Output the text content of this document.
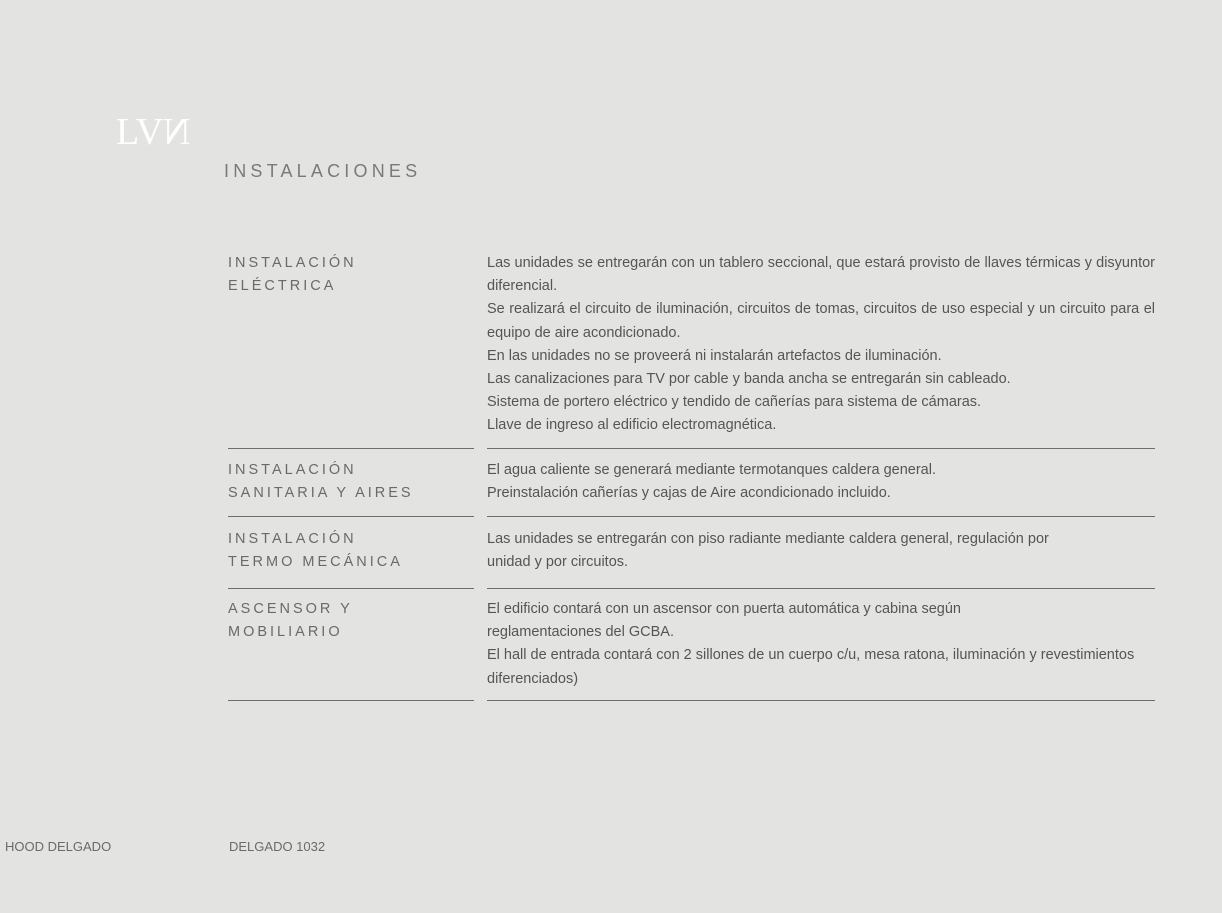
LVN
INSTALACIONES
INSTALACIÓN
ELÉCTRICA

Las unidades se entregarán con un tablero seccional, que estará provisto de llaves térmicas y disyuntor diferencial.

Se realizará el circuito de iluminación, circuitos de tomas, circuitos de uso especial y un circuito para el equipo de aire acondicionado.

En las unidades no se proveerá ni instalarán artefactos de iluminación.

Las canalizaciones para TV por cable y banda ancha se entregarán sin cableado.

Sistema de portero eléctrico y tendido de cañerías para sistema de cámaras.

Llave de ingreso al edificio electromagnética.

INSTALACIÓN
SANITARIA Y AIRES

El agua caliente se generará mediante termotanques caldera general.

Preinstalación cañerías y cajas de Aire acondicionado incluido.

INSTALACIÓN
TERMO MECÁNICA

Las unidades se entregarán con piso radiante mediante caldera general, regulación por

unidad y por circuitos.

ASCENSOR Y
MOBILIARIO

El edificio contará con un ascensor con puerta automática y cabina según

reglamentaciones del GCBA.

El hall de entrada contará con 2 sillones de un cuerpo c/u, mesa ratona, iluminación y revestimientos diferenciados)

HOOD DELGADO	DELGADO 1032
